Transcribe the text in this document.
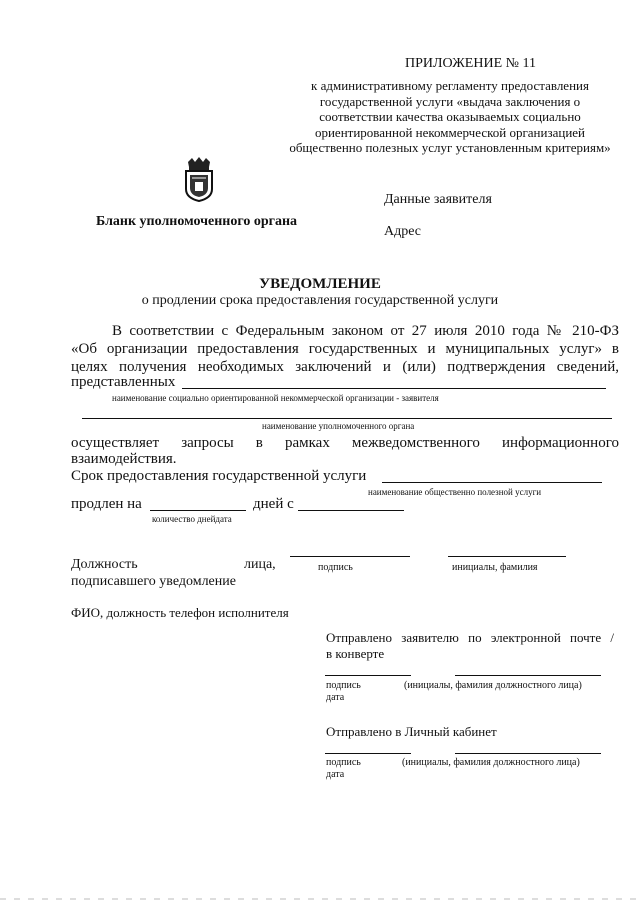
ПРИЛОЖЕНИЕ № 11
к административному регламенту предоставления
государственной услуги «выдача заключения о
соответствии качества оказываемых социально
ориентированной некоммерческой организацией
общественно полезных услуг установленным критериям»
Бланк уполномоченного органа
Данные заявителя
Адрес
УВЕДОМЛЕНИЕ
о продлении срока предоставления государственной услуги
В соответствии с Федеральным законом от 27 июля 2010 года № 210-ФЗ
«Об организации предоставления государственных и муниципальных услуг» в
целях получения необходимых заключений и (или) подтверждения сведений,
представленных
наименование социально ориентированной некоммерческой организации - заявителя
наименование уполномоченного органа
осуществляет запросы в рамках межведомственного информационного
взаимодействия.
Срок предоставления государственной услуги
наименование общественно полезной услуги
продлен на	дней с
количество днейдата
Должность	лица,	подпись	инициалы, фамилия
подписавшего уведомление
ФИО, должность телефон исполнителя
Отправлено заявителю по электронной почте /
в конверте
подпись	(инициалы, фамилия должностного лица)
дата
Отправлено в Личный кабинет
подпись	(инициалы, фамилия должностного лица)
дата
